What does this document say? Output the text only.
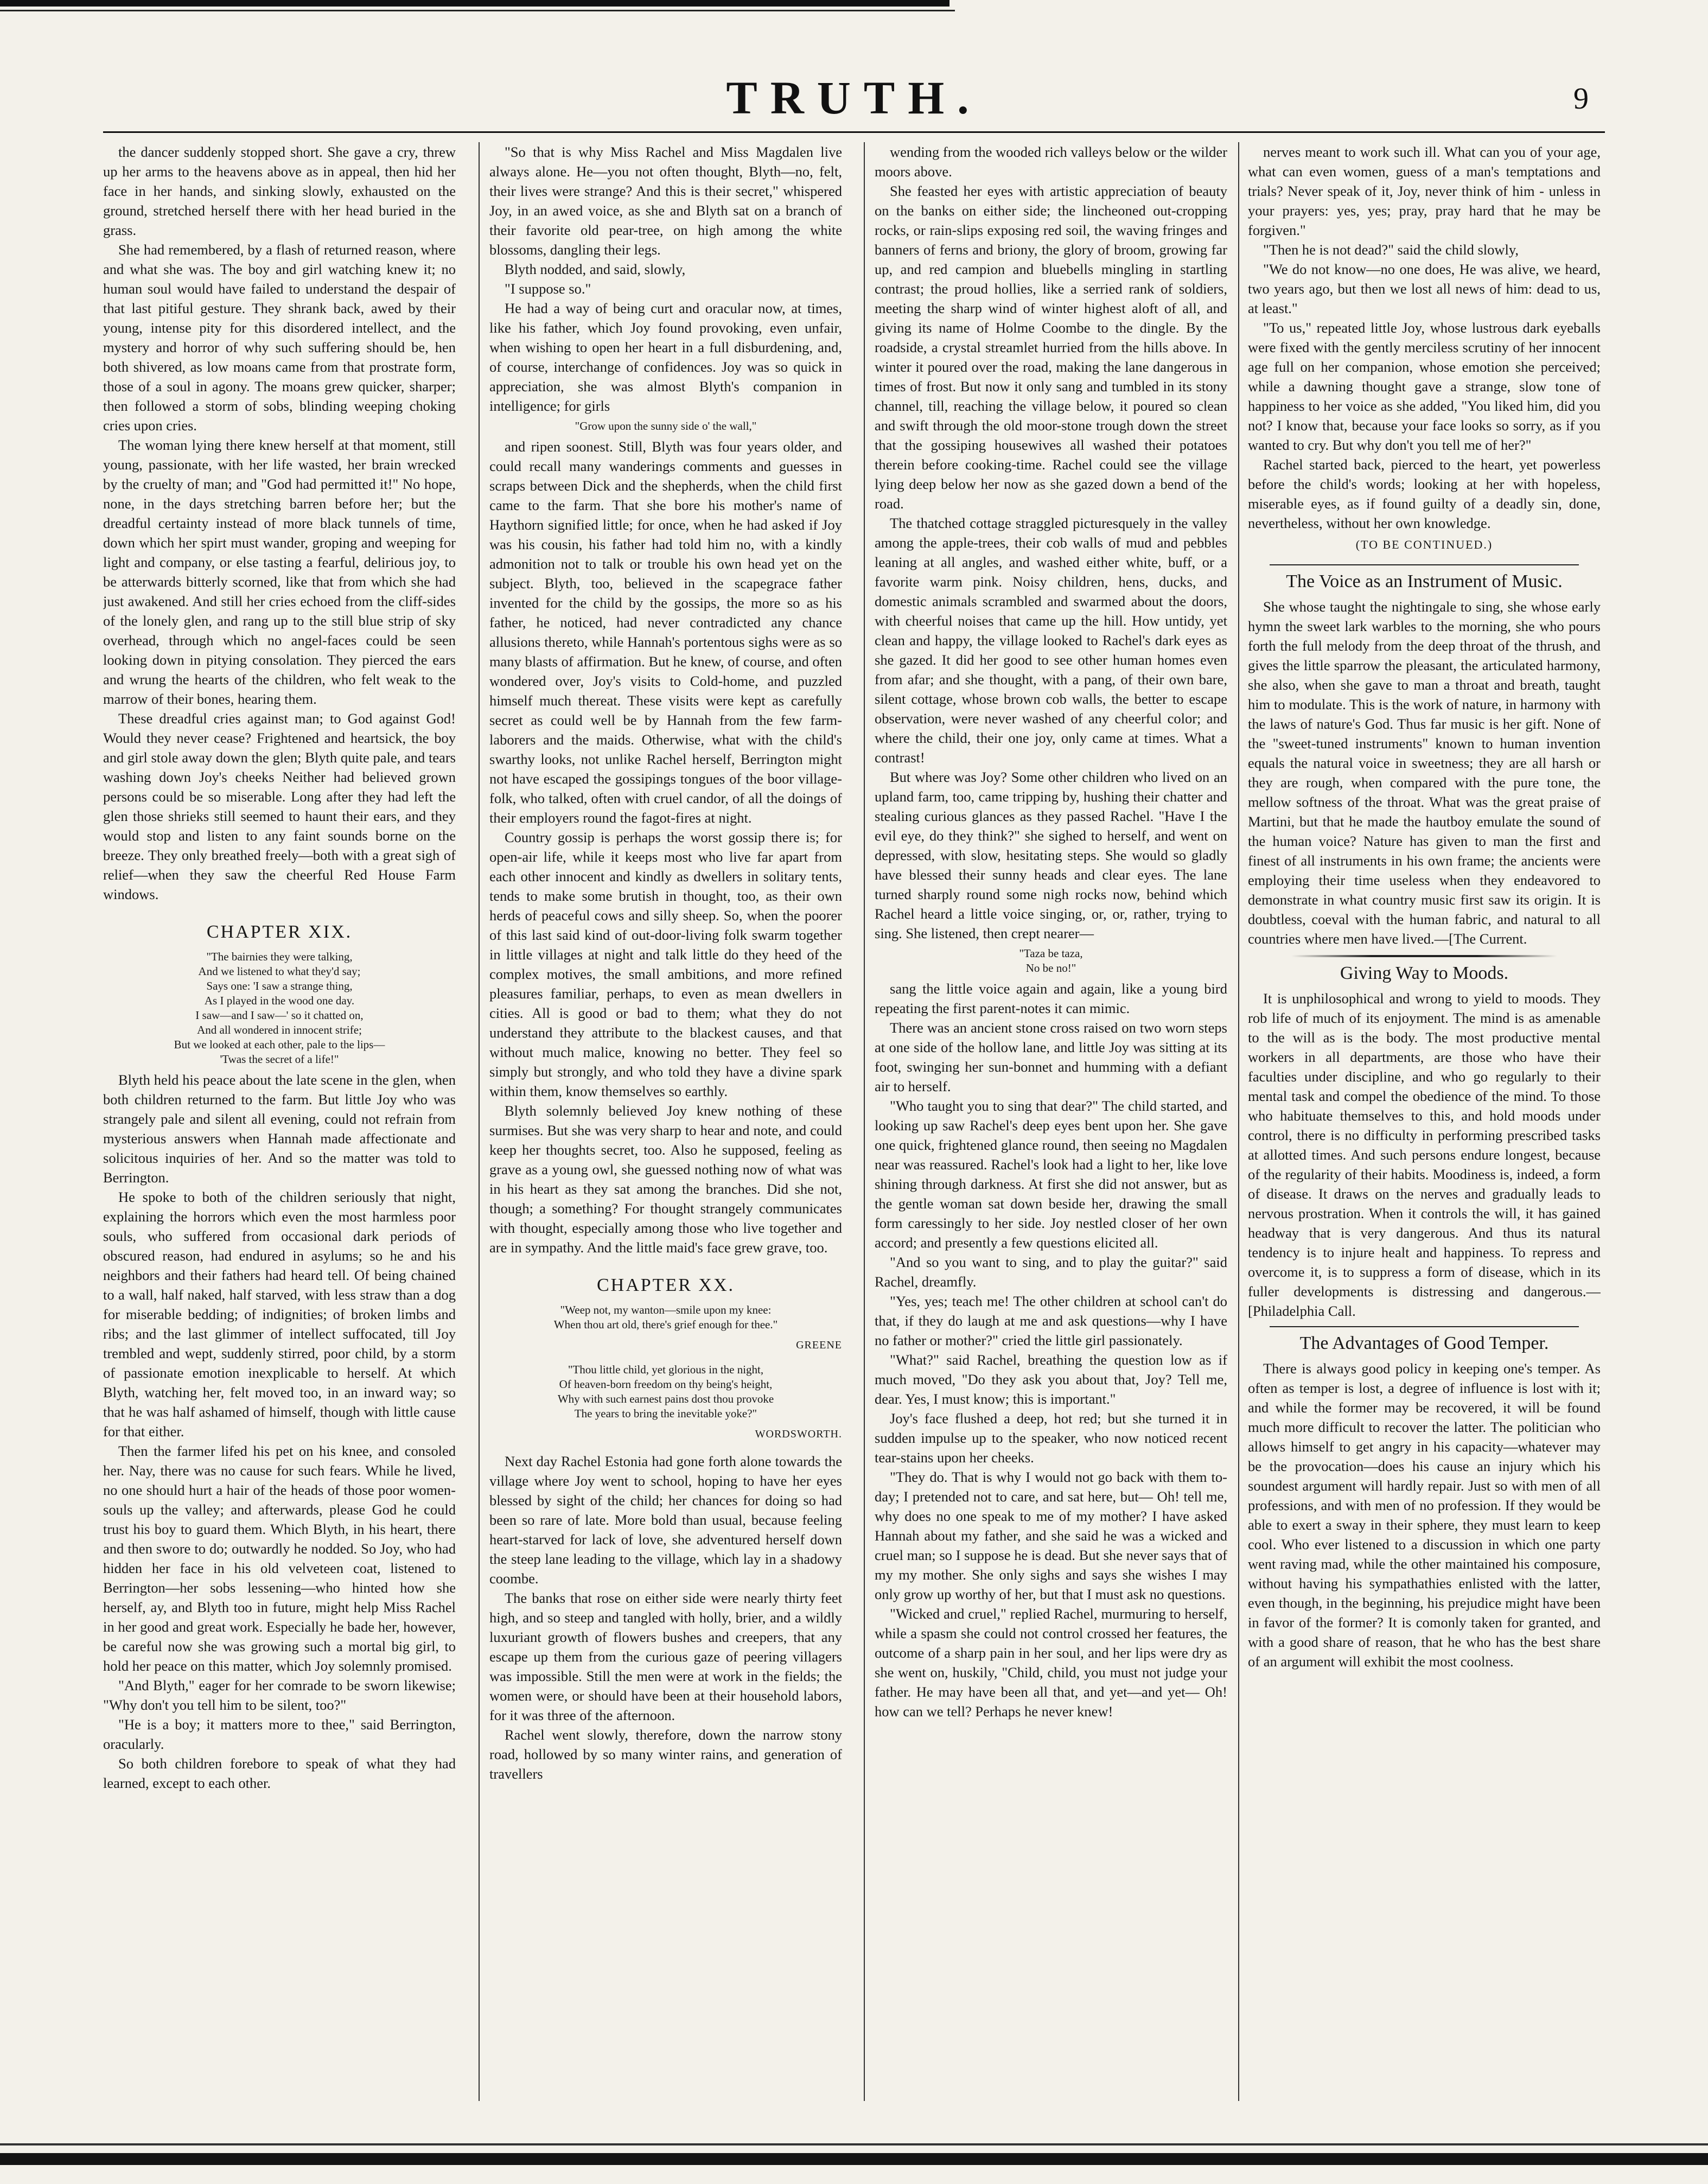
TRUTH.	9

the dancer suddenly stopped short. She gave a cry, threw up her arms to the heavens above as in appeal, then hid her face in her hands, and sinking slowly, exhausted on the ground, stretched herself there with her head buried in the grass.

She had remembered, by a flash of returned reason, where and what she was. The boy and girl watching knew it; no human soul would have failed to understand the despair of that last pitiful gesture. They shrank back, awed by their young, intense pity for this disordered intellect, and the mystery and horror of why such suffering should be, hen both shivered, as low moans came from that prostrate form, those of a soul in agony. The moans grew quicker, sharper; then followed a storm of sobs, blinding weeping choking cries upon cries.

The woman lying there knew herself at that moment, still young, passionate, with her life wasted, her brain wrecked by the cruelty of man; and "God had permitted it!" No hope, none, in the days stretching barren before her; but the dreadful certainty instead of more black tunnels of time, down which her spirt must wander, groping and weeping for light and company, or else tasting a fearful, delirious joy, to be atterwards bitterly scorned, like that from which she had just awakened. And still her cries echoed from the cliff-sides of the lonely glen, and rang up to the still blue strip of sky overhead, through which no angel-faces could be seen looking down in pitying consolation. They pierced the ears and wrung the hearts of the children, who felt weak to the marrow of their bones, hearing them.

These dreadful cries against man; to God against God! Would they never cease? Frightened and heartsick, the boy and girl stole away down the glen; Blyth quite pale, and tears washing down Joy's cheeks Neither had believed grown persons could be so miserable. Long after they had left the glen those shrieks still seemed to haunt their ears, and they would stop and listen to any faint sounds borne on the breeze. They only breathed freely—both with a great sigh of relief—when they saw the cheerful Red House Farm windows.

CHAPTER XIX.
"The bairnies they were talking,
And we listened to what they'd say;
Says one: 'I saw a strange thing,
As I played in the wood one day.
I saw—and I saw—' so it chatted on,
And all wondered in innocent strife;
But we looked at each other, pale to the lips—
'Twas the secret of a life!"

Blyth held his peace about the late scene in the glen, when both children returned to the farm. But little Joy who was strangely pale and silent all evening, could not refrain from mysterious answers when Hannah made affectionate and solicitous inquiries of her. And so the matter was told to Berrington.

He spoke to both of the children seriously that night, explaining the horrors which even the most harmless poor souls, who suffered from occasional dark periods of obscured reason, had endured in asylums; so he and his neighbors and their fathers had heard tell. Of being chained to a wall, half naked, half starved, with less straw than a dog for miserable bedding; of indignities; of broken limbs and ribs; and the last glimmer of intellect suffocated, till Joy trembled and wept, suddenly stirred, poor child, by a storm of passionate emotion inexplicable to herself. At which Blyth, watching her, felt moved too, in an inward way; so that he was half ashamed of himself, though with little cause for that either.

Then the farmer lifed his pet on his knee, and consoled her. Nay, there was no cause for such fears. While he lived, no one should hurt a hair of the heads of those poor women-souls up the valley; and afterwards, please God he could trust his boy to guard them. Which Blyth, in his heart, there and then swore to do; outwardly he nodded. So Joy, who had hidden her face in his old velveteen coat, listened to Berrington—her sobs lessening—who hinted how she herself, ay, and Blyth too in future, might help Miss Rachel in her good and great work. Especially he bade her, however, be careful now she was growing such a mortal big girl, to hold her peace on this matter, which Joy solemnly promised.

"And Blyth," eager for her comrade to be sworn likewise; "Why don't you tell him to be silent, too?"

"He is a boy; it matters more to thee," said Berrington, oracularly.

So both children forebore to speak of what they had learned, except to each other.

"So that is why Miss Rachel and Miss Magdalen live always alone. He—you not often thought, Blyth—no, felt, their lives were strange? And this is their secret," whispered Joy, in an awed voice, as she and Blyth sat on a branch of their favorite old pear-tree, on high among the white blossoms, dangling their legs.

Blyth nodded, and said, slowly,

"I suppose so."

He had a way of being curt and oracular now, at times, like his father, which Joy found provoking, even unfair, when wishing to open her heart in a full disburdening, and, of course, interchange of confidences. Joy was so quick in appreciation, she was almost Blyth's companion in intelligence; for girls

"Grow upon the sunny side o' the wall,"

and ripen soonest. Still, Blyth was four years older, and could recall many wanderings comments and guesses in scraps between Dick and the shepherds, when the child first came to the farm. That she bore his mother's name of Haythorn signified little; for once, when he had asked if Joy was his cousin, his father had told him no, with a kindly admonition not to talk or trouble his own head yet on the subject. Blyth, too, believed in the scapegrace father invented for the child by the gossips, the more so as his father, he noticed, had never contradicted any chance allusions thereto, while Hannah's portentous sighs were as so many blasts of affirmation. But he knew, of course, and often wondered over, Joy's visits to Cold-home, and puzzled himself much thereat. These visits were kept as carefully secret as could well be by Hannah from the few farm-laborers and the maids. Otherwise, what with the child's swarthy looks, not unlike Rachel herself, Berrington might not have escaped the gossipings tongues of the boor village-folk, who talked, often with cruel candor, of all the doings of their employers round the fagot-fires at night.

Country gossip is perhaps the worst gossip there is; for open-air life, while it keeps most who live far apart from each other innocent and kindly as dwellers in solitary tents, tends to make some brutish in thought, too, as their own herds of peaceful cows and silly sheep. So, when the poorer of this last said kind of out-door-living folk swarm together in little villages at night and talk little do they heed of the complex motives, the small ambitions, and more refined pleasures familiar, perhaps, to even as mean dwellers in cities. All is good or bad to them; what they do not understand they attribute to the blackest causes, and that without much malice, knowing no better. They feel so simply but strongly, and who told they have a divine spark within them, know themselves so earthly.

Blyth solemnly believed Joy knew nothing of these surmises. But she was very sharp to hear and note, and could keep her thoughts secret, too. Also he supposed, feeling as grave as a young owl, she guessed nothing now of what was in his heart as they sat among the branches. Did she not, though; a something? For thought strangely communicates with thought, especially among those who live together and are in sympathy. And the little maid's face grew grave, too.

CHAPTER XX.
"Weep not, my wanton—smile upon my knee:
When thou art old, there's grief enough for thee."
GREENE
"Thou little child, yet glorious in the night,
Of heaven-born freedom on thy being's height,
Why with such earnest pains dost thou provoke
The years to bring the inevitable yoke?"
WORDSWORTH.

Next day Rachel Estonia had gone forth alone towards the village where Joy went to school, hoping to have her eyes blessed by sight of the child; her chances for doing so had been so rare of late. More bold than usual, because feeling heart-starved for lack of love, she adventured herself down the steep lane leading to the village, which lay in a shadowy coombe.

The banks that rose on either side were nearly thirty feet high, and so steep and tangled with holly, brier, and a wildly luxuriant growth of flowers bushes and creepers, that any escape up them from the curious gaze of peering villagers was impossible. Still the men were at work in the fields; the women were, or should have been at their household labors, for it was three of the afternoon.

Rachel went slowly, therefore, down the narrow stony road, hollowed by so many winter rains, and generation of travellers

wending from the wooded rich valleys below or the wilder moors above.

She feasted her eyes with artistic appreciation of beauty on the banks on either side; the lincheoned out-cropping rocks, or rain-slips exposing red soil, the waving fringes and banners of ferns and briony, the glory of broom, growing far up, and red campion and bluebells mingling in startling contrast; the proud hollies, like a serried rank of soldiers, meeting the sharp wind of winter highest aloft of all, and giving its name of Holme Coombe to the dingle. By the roadside, a crystal streamlet hurried from the hills above. In winter it poured over the road, making the lane dangerous in times of frost. But now it only sang and tumbled in its stony channel, till, reaching the village below, it poured so clean and swift through the old moor-stone trough down the street that the gossiping housewives all washed their potatoes therein before cooking-time. Rachel could see the village lying deep below her now as she gazed down a bend of the road.

The thatched cottage straggled picturesquely in the valley among the apple-trees, their cob walls of mud and pebbles leaning at all angles, and washed either white, buff, or a favorite warm pink. Noisy children, hens, ducks, and domestic animals scrambled and swarmed about the doors, with cheerful noises that came up the hill. How untidy, yet clean and happy, the village looked to Rachel's dark eyes as she gazed. It did her good to see other human homes even from afar; and she thought, with a pang, of their own bare, silent cottage, whose brown cob walls, the better to escape observation, were never washed of any cheerful color; and where the child, their one joy, only came at times. What a contrast!

But where was Joy? Some other children who lived on an upland farm, too, came tripping by, hushing their chatter and stealing curious glances as they passed Rachel. "Have I the evil eye, do they think?" she sighed to herself, and went on depressed, with slow, hesitating steps. She would so gladly have blessed their sunny heads and clear eyes. The lane turned sharply round some nigh rocks now, behind which Rachel heard a little voice singing, or, or, rather, trying to sing. She listened, then crept nearer—

"Taza be taza,
No be no!"

sang the little voice again and again, like a young bird repeating the first parent-notes it can mimic.

There was an ancient stone cross raised on two worn steps at one side of the hollow lane, and little Joy was sitting at its foot, swinging her sun-bonnet and humming with a defiant air to herself.

"Who taught you to sing that dear?" The child started, and looking up saw Rachel's deep eyes bent upon her. She gave one quick, frightened glance round, then seeing no Magdalen near was reassured. Rachel's look had a light to her, like love shining through darkness. At first she did not answer, but as the gentle woman sat down beside her, drawing the small form caressingly to her side. Joy nestled closer of her own accord; and presently a few questions elicited all.

"And so you want to sing, and to play the guitar?" said Rachel, dreamfly.

"Yes, yes; teach me! The other children at school can't do that, if they do laugh at me and ask questions—why I have no father or mother?" cried the little girl passionately.

"What?" said Rachel, breathing the question low as if much moved, "Do they ask you about that, Joy? Tell me, dear. Yes, I must know; this is important."

Joy's face flushed a deep, hot red; but she turned it in sudden impulse up to the speaker, who now noticed recent tear-stains upon her cheeks.

"They do. That is why I would not go back with them to-day; I pretended not to care, and sat here, but— Oh! tell me, why does no one speak to me of my mother? I have asked Hannah about my father, and she said he was a wicked and cruel man; so I suppose he is dead. But she never says that of my my mother. She only sighs and says she wishes I may only grow up worthy of her, but that I must ask no questions.

"Wicked and cruel," replied Rachel, murmuring to herself, while a spasm she could not control crossed her features, the outcome of a sharp pain in her soul, and her lips were dry as she went on, huskily, "Child, child, you must not judge your father. He may have been all that, and yet—and yet— Oh! how can we tell? Perhaps he never knew!

nerves meant to work such ill. What can you of your age, what can even women, guess of a man's temptations and trials? Never speak of it, Joy, never think of him - unless in your prayers: yes, yes; pray, pray hard that he may be forgiven."

"Then he is not dead?" said the child slowly,

"We do not know—no one does, He was alive, we heard, two years ago, but then we lost all news of him: dead to us, at least."

"To us," repeated little Joy, whose lustrous dark eyeballs were fixed with the gently merciless scrutiny of her innocent age full on her companion, whose emotion she perceived; while a dawning thought gave a strange, slow tone of happiness to her voice as she added, "You liked him, did you not? I know that, because your face looks so sorry, as if you wanted to cry. But why don't you tell me of her?"

Rachel started back, pierced to the heart, yet powerless before the child's words; looking at her with hopeless, miserable eyes, as if found guilty of a deadly sin, done, nevertheless, without her own knowledge.

(TO BE CONTINUED.)
The Voice as an Instrument of Music.

She whose taught the nightingale to sing, she whose early hymn the sweet lark warbles to the morning, she who pours forth the full melody from the deep throat of the thrush, and gives the little sparrow the pleasant, the articulated harmony, she also, when she gave to man a throat and breath, taught him to modulate. This is the work of nature, in harmony with the laws of nature's God. Thus far music is her gift. None of the "sweet-tuned instruments" known to human invention equals the natural voice in sweetness; they are all harsh or they are rough, when compared with the pure tone, the mellow softness of the throat. What was the great praise of Martini, but that he made the hautboy emulate the sound of the human voice? Nature has given to man the first and finest of all instruments in his own frame; the ancients were employing their time useless when they endeavored to demonstrate in what country music first saw its origin. It is doubtless, coeval with the human fabric, and natural to all countries where men have lived.—[The Current.

Giving Way to Moods.

It is unphilosophical and wrong to yield to moods. They rob life of much of its enjoyment. The mind is as amenable to the will as is the body. The most productive mental workers in all departments, are those who have their faculties under discipline, and who go regularly to their mental task and compel the obedience of the mind. To those who habituate themselves to this, and hold moods under control, there is no difficulty in performing prescribed tasks at allotted times. And such persons endure longest, because of the regularity of their habits. Moodiness is, indeed, a form of disease. It draws on the nerves and gradually leads to nervous prostration. When it controls the will, it has gained headway that is very dangerous. And thus its natural tendency is to injure healt and happiness. To repress and overcome it, is to suppress a form of disease, which in its fuller developments is distressing and dangerous.—[Philadelphia Call.

The Advantages of Good Temper.

There is always good policy in keeping one's temper. As often as temper is lost, a degree of influence is lost with it; and while the former may be recovered, it will be found much more difficult to recover the latter. The politician who allows himself to get angry in his capacity—whatever may be the provocation—does his cause an injury which his soundest argument will hardly repair. Just so with men of all professions, and with men of no profession. If they would be able to exert a sway in their sphere, they must learn to keep cool. Who ever listened to a discussion in which one party went raving mad, while the other maintained his composure, without having his sympathathies enlisted with the latter, even though, in the beginning, his prejudice might have been in favor of the former? It is comonly taken for granted, and with a good share of reason, that he who has the best share of an argument will exhibit the most coolness.
